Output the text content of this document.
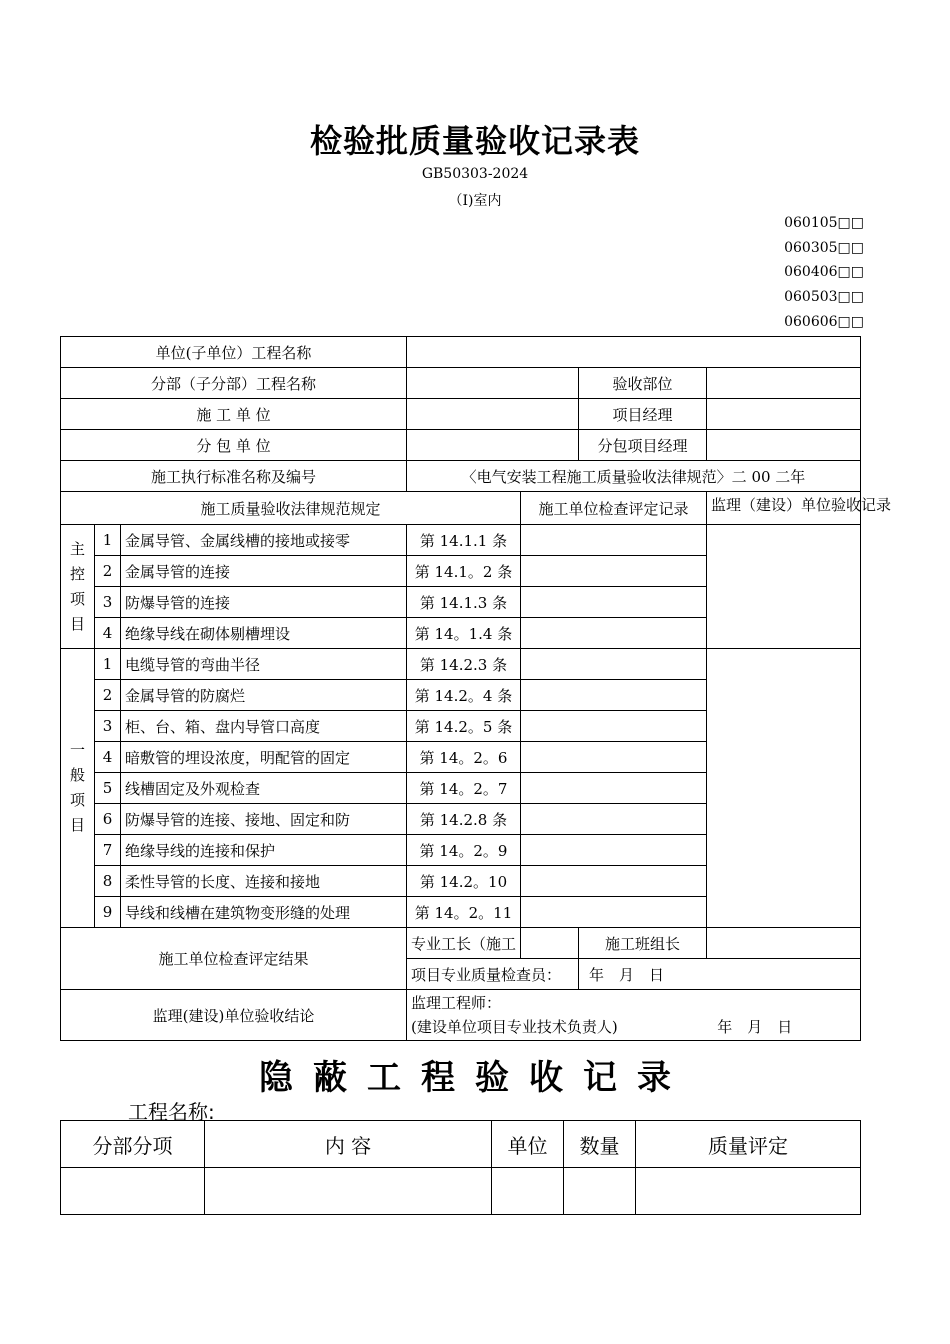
检验批质量验收记录表
GB50303-2024
（I)室内
060105□□
060305□□
060406□□
060503□□
060606□□
单位(子单位）工程名称							
分部（子分部）工程名称					验收部位		
施 工 单 位					项目经理		
分 包 单 位					分包项目经理		
施工执行标准名称及编号			〈电气安装工程施工质量验收法律规范〉二 00 二年				
施工质量验收法律规范规定				施工单位检查评定记录		监理（建设）单位验收记录	
主控项目	1	金属导管、金属线槽的接地或接零	第 14.1.1 条				
	2	金属导管的连接	第 14.1。2 条				
	3	防爆导管的连接	第 14.1.3 条				
	4	绝缘导线在砌体剔槽埋设	第 14。1.4 条				
一般项目	1	电缆导管的弯曲半径	第 14.2.3 条				
	2	金属导管的防腐烂	第 14.2。4 条				
	3	柜、台、箱、盘内导管口高度	第 14.2。5 条				
	4	暗敷管的埋设浓度，明配管的固定	第 14。2。6				
	5	线槽固定及外观检查	第 14。2。7				
	6	防爆导管的连接、接地、固定和防	第 14.2.8 条				
	7	绝缘导线的连接和保护	第 14。2。9				
	8	柔性导管的长度、连接和接地	第 14.2。10				
	9	导线和线槽在建筑物变形缝的处理	第 14。2。11				
施工单位检查评定结果			专业工长（施工		施工班组长		
			项目专业质量检查员：		年　月　日		
监理(建设)单位验收结论			监理工程师：
(建设单位项目专业技术负责人) 年　月　日				
隐蔽工程验收记录
工程名称:
分部分项	内 容	单位	数量	质量评定
